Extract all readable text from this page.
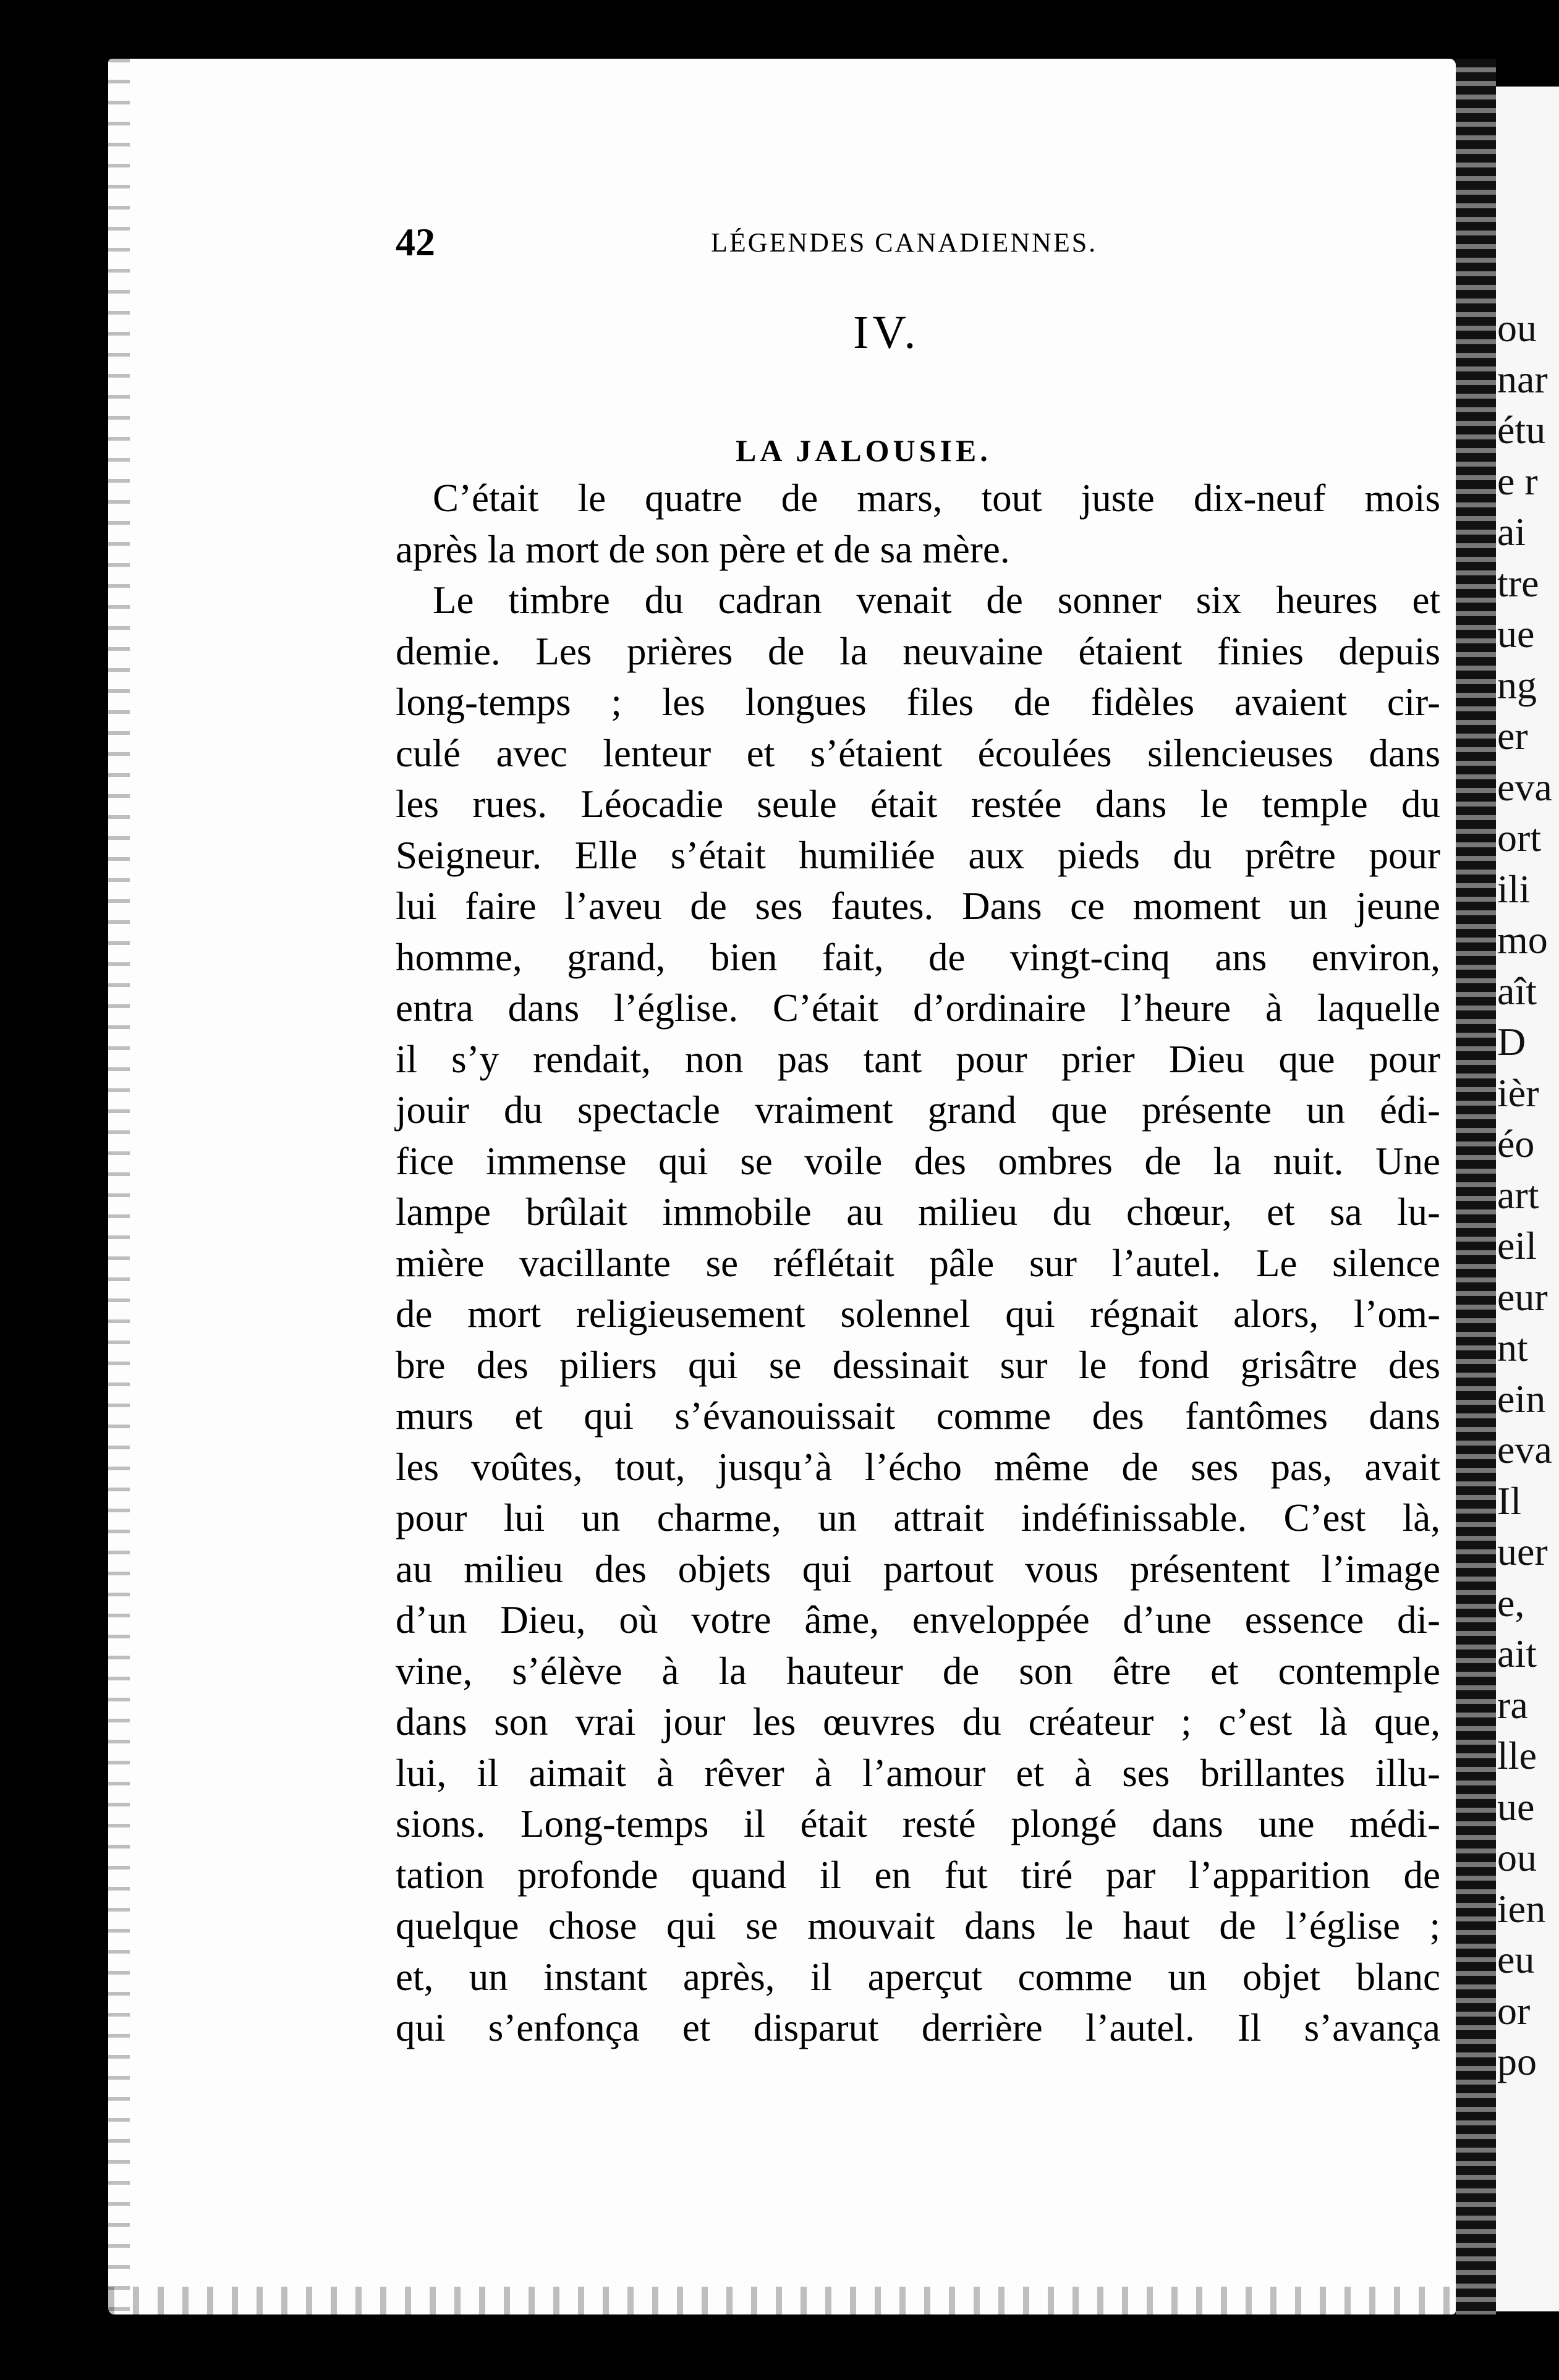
ou
nar
étu
e r
ai
tre
ue
ng
er
eva
ort
ili
mo
aît
D
ièr
éo
art
eil
eur
nt
ein
eva
Il
uer
e,
ait
ra
lle
ue
ou
ien
eu
or
po
42	LÉGENDES CANADIENNES.
IV.
LA JALOUSIE.
C’était le quatre de mars, tout juste dix-neuf mois
après la mort de son père et de sa mère.
Le timbre du cadran venait de sonner six heures et
demie. Les prières de la neuvaine étaient finies depuis
long-temps ; les longues files de fidèles avaient cir-
culé avec lenteur et s’étaient écoulées silencieuses dans
les rues. Léocadie seule était restée dans le temple du
Seigneur. Elle s’était humiliée aux pieds du prêtre pour
lui faire l’aveu de ses fautes. Dans ce moment un jeune
homme, grand, bien fait, de vingt-cinq ans environ,
entra dans l’église. C’était d’ordinaire l’heure à laquelle
il s’y rendait, non pas tant pour prier Dieu que pour
jouir du spectacle vraiment grand que présente un édi-
fice immense qui se voile des ombres de la nuit. Une
lampe brûlait immobile au milieu du chœur, et sa lu-
mière vacillante se réflétait pâle sur l’autel. Le silence
de mort religieusement solennel qui régnait alors, l’om-
bre des piliers qui se dessinait sur le fond grisâtre des
murs et qui s’évanouissait comme des fantômes dans
les voûtes, tout, jusqu’à l’écho même de ses pas, avait
pour lui un charme, un attrait indéfinissable. C’est là,
au milieu des objets qui partout vous présentent l’image
d’un Dieu, où votre âme, enveloppée d’une essence di-
vine, s’élève à la hauteur de son être et contemple
dans son vrai jour les œuvres du créateur ; c’est là que,
lui, il aimait à rêver à l’amour et à ses brillantes illu-
sions. Long-temps il était resté plongé dans une médi-
tation profonde quand il en fut tiré par l’apparition de
quelque chose qui se mouvait dans le haut de l’église ;
et, un instant après, il aperçut comme un objet blanc
qui s’enfonça et disparut derrière l’autel. Il s’avança
